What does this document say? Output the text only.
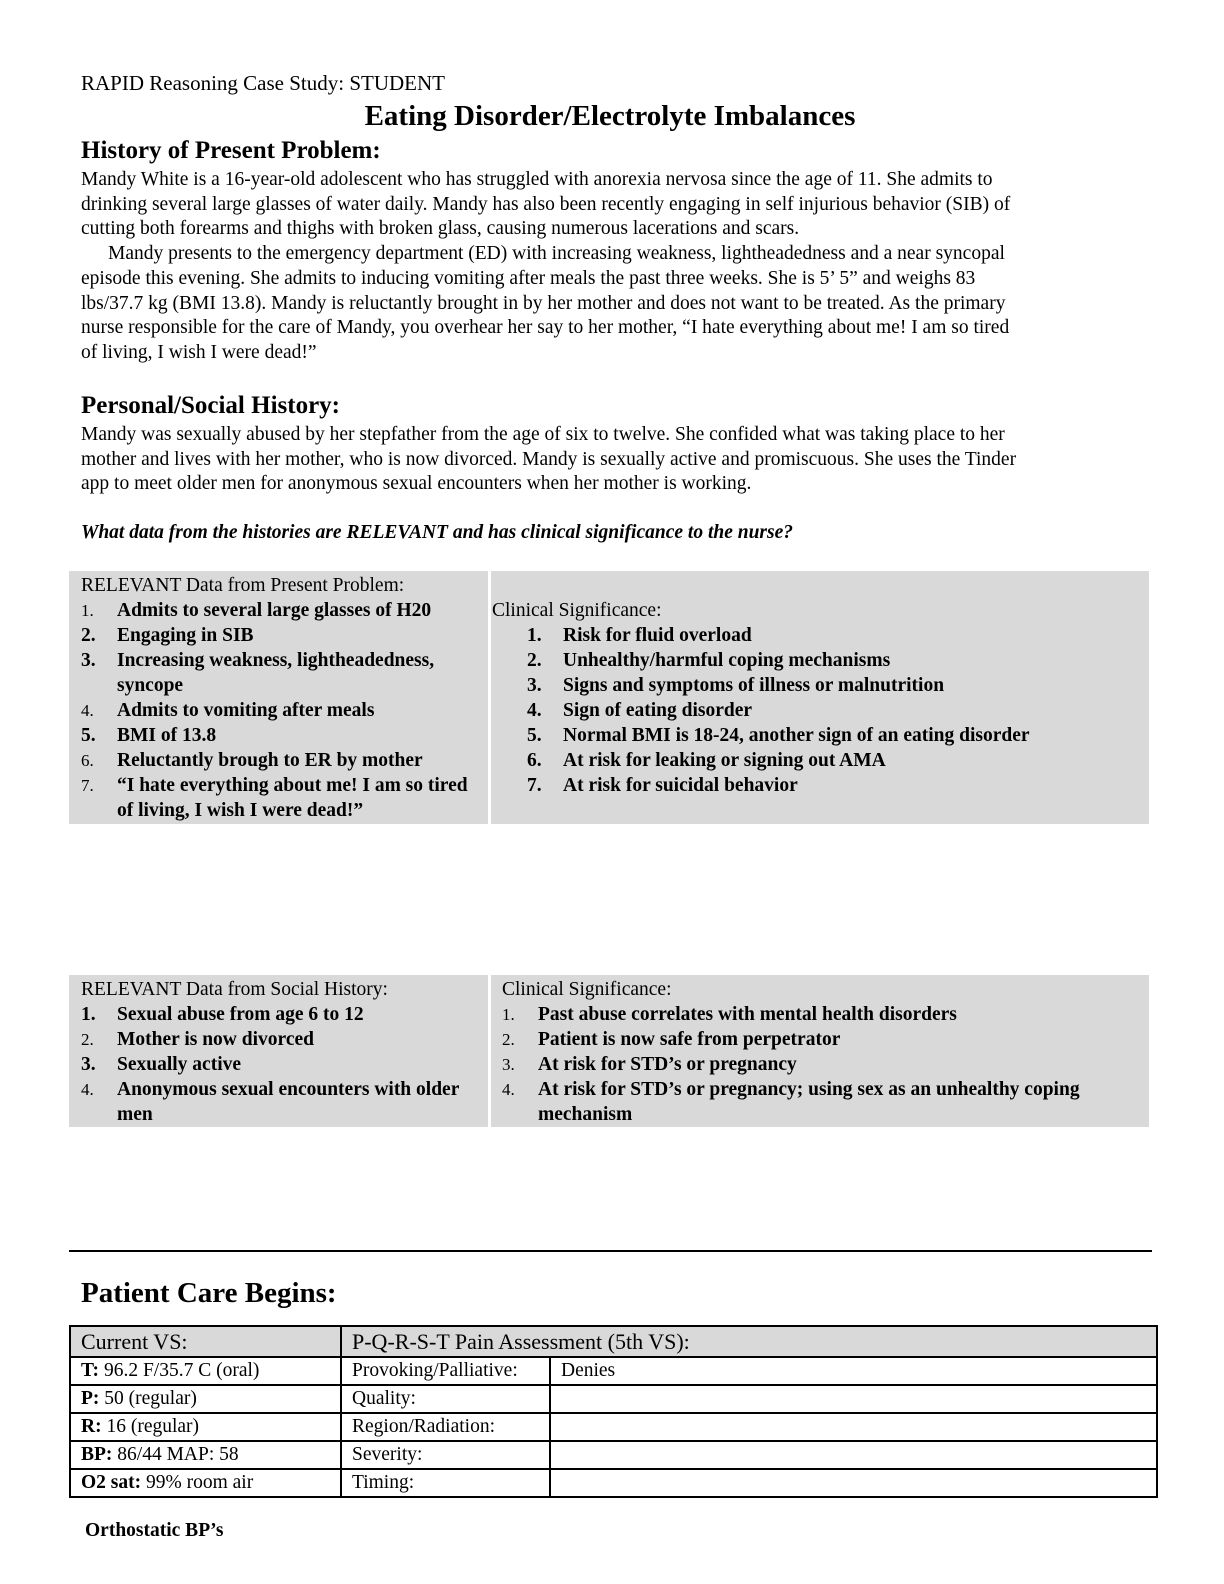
RAPID Reasoning Case Study: STUDENT
Eating Disorder/Electrolyte Imbalances
History of Present Problem:
Mandy White is a 16-year-old adolescent who has struggled with anorexia nervosa since the age of 11. She admits to
drinking several large glasses of water daily. Mandy has also been recently engaging in self injurious behavior (SIB) of
cutting both forearms and thighs with broken glass, causing numerous lacerations and scars.
Mandy presents to the emergency department (ED) with increasing weakness, lightheadedness and a near syncopal
episode this evening. She admits to inducing vomiting after meals the past three weeks. She is 5’ 5” and weighs 83
lbs/37.7 kg (BMI 13.8). Mandy is reluctantly brought in by her mother and does not want to be treated. As the primary
nurse responsible for the care of Mandy, you overhear her say to her mother, “I hate everything about me! I am so tired
of living, I wish I were dead!”
Personal/Social History:
Mandy was sexually abused by her stepfather from the age of six to twelve. She confided what was taking place to her
mother and lives with her mother, who is now divorced. Mandy is sexually active and promiscuous. She uses the Tinder
app to meet older men for anonymous sexual encounters when her mother is working.
What data from the histories are RELEVANT and has clinical significance to the nurse?
RELEVANT Data from Present Problem:
1. Admits to several large glasses of H20
2. Engaging in SIB
3. Increasing weakness, lightheadedness, syncope
4. Admits to vomiting after meals
5. BMI of 13.8
6. Reluctantly brough to ER by mother
7. “I hate everything about me! I am so tired of living, I wish I were dead!”
Clinical Significance:
1. Risk for fluid overload
2. Unhealthy/harmful coping mechanisms
3. Signs and symptoms of illness or malnutrition
4. Sign of eating disorder
5. Normal BMI is 18-24, another sign of an eating disorder
6. At risk for leaking or signing out AMA
7. At risk for suicidal behavior
RELEVANT Data from Social History:
1. Sexual abuse from age 6 to 12
2. Mother is now divorced
3. Sexually active
4. Anonymous sexual encounters with older men
Clinical Significance:
1. Past abuse correlates with mental health disorders
2. Patient is now safe from perpetrator
3. At risk for STD’s or pregnancy
4. At risk for STD’s or pregnancy; using sex as an unhealthy coping mechanism
Patient Care Begins:
Current VS:	P-Q-R-S-T Pain Assessment (5th VS):	
T: 96.2 F/35.7 C (oral)	Provoking/Palliative:	Denies
P: 50 (regular)	Quality:	
R: 16 (regular)	Region/Radiation:	
BP: 86/44 MAP: 58	Severity:	
O2 sat: 99% room air	Timing:	
Orthostatic BP’s
